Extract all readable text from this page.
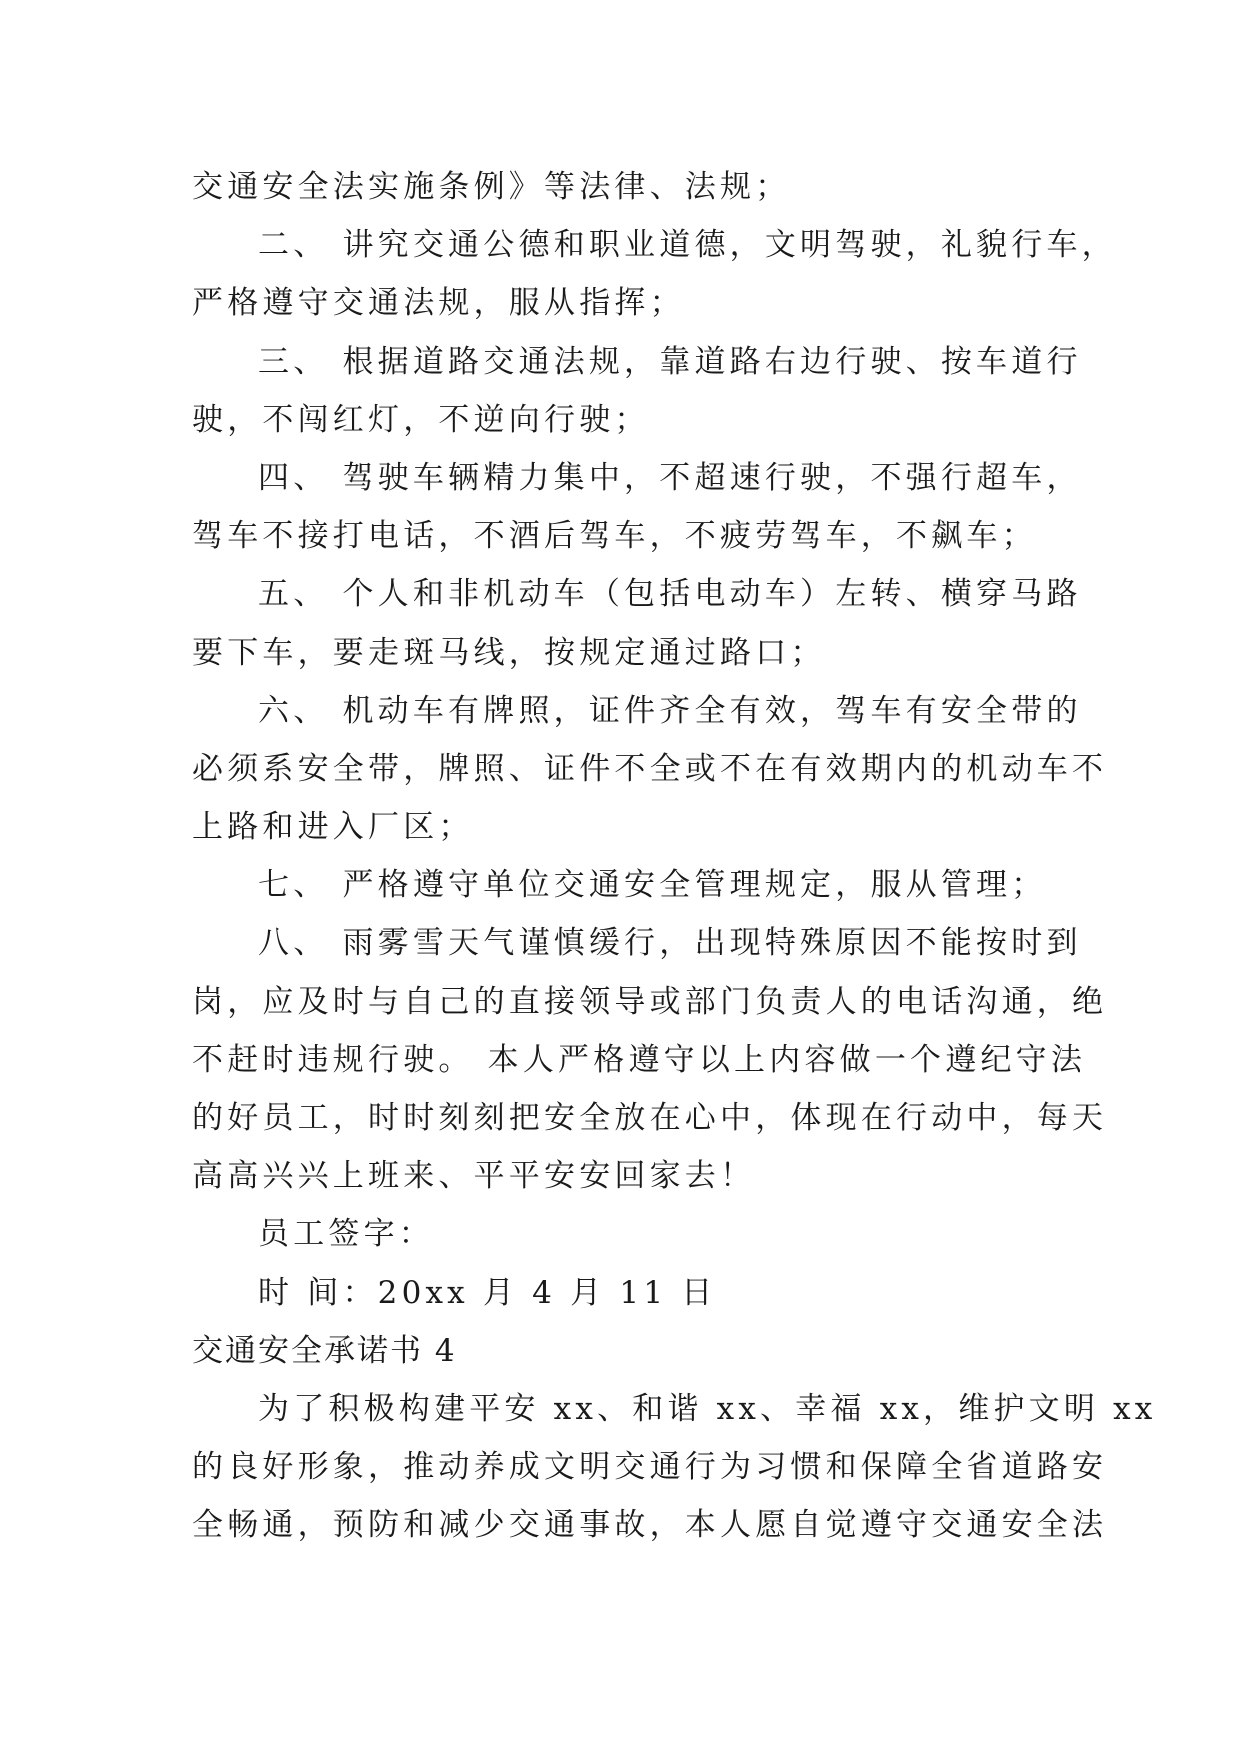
交通安全法实施条例》等法律、法规；
二、 讲究交通公德和职业道德，文明驾驶，礼貌行车，
严格遵守交通法规，服从指挥；
三、 根据道路交通法规，靠道路右边行驶、按车道行
驶，不闯红灯，不逆向行驶；
四、 驾驶车辆精力集中，不超速行驶，不强行超车，
驾车不接打电话，不酒后驾车，不疲劳驾车，不飙车；
五、 个人和非机动车（包括电动车）左转、横穿马路
要下车，要走斑马线，按规定通过路口；
六、 机动车有牌照，证件齐全有效，驾车有安全带的
必须系安全带，牌照、证件不全或不在有效期内的机动车不
上路和进入厂区；
七、 严格遵守单位交通安全管理规定，服从管理；
八、 雨雾雪天气谨慎缓行，出现特殊原因不能按时到
岗，应及时与自己的直接领导或部门负责人的电话沟通，绝
不赶时违规行驶。 本人严格遵守以上内容做一个遵纪守法
的好员工，时时刻刻把安全放在心中，体现在行动中，每天
高高兴兴上班来、平平安安回家去！
员工签字：
时 间：20xx 月 4 月 11 日
交通安全承诺书 4
为了积极构建平安 xx、和谐 xx、幸福 xx，维护文明 xx
的良好形象，推动养成文明交通行为习惯和保障全省道路安
全畅通，预防和减少交通事故，本人愿自觉遵守交通安全法
